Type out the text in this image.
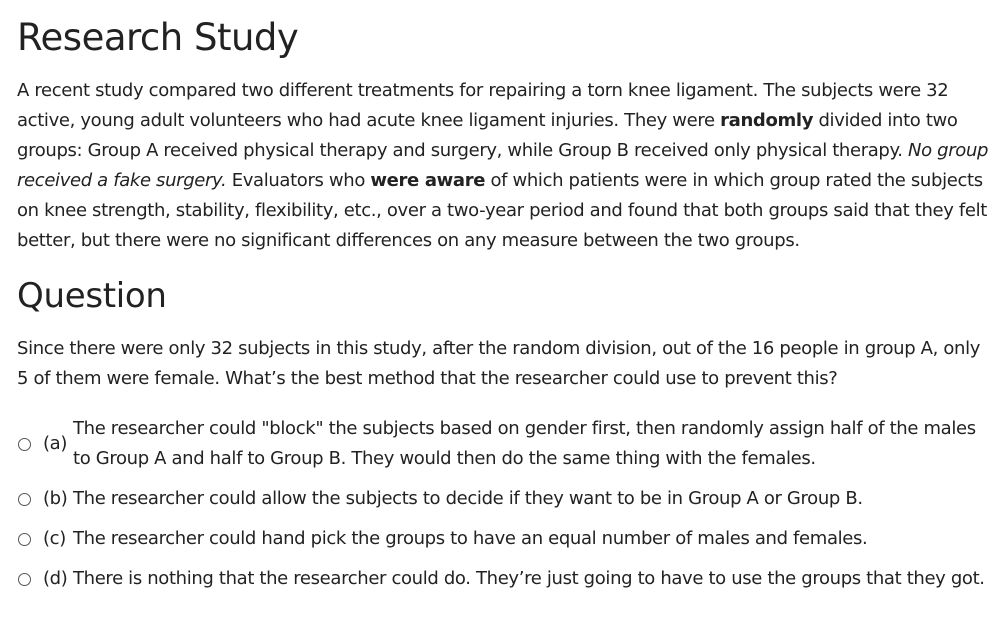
Research Study

A recent study compared two different treatments for repairing a torn knee ligament. The subjects were 32 active, young adult volunteers who had acute knee ligament injuries. They were randomly divided into two groups: Group A received physical therapy and surgery, while Group B received only physical therapy. No group received a fake surgery. Evaluators who were aware of which patients were in which group rated the subjects on knee strength, stability, flexibility, etc., over a two-year period and found that both groups said that they felt better, but there were no significant differences on any measure between the two groups.

Question

Since there were only 32 subjects in this study, after the random division, out of the 16 people in group A, only 5 of them were female. What’s the best method that the researcher could use to prevent this?

(a)
The researcher could "block" the subjects based on gender first, then randomly assign half of the males to Group A and half to Group B. They would then do the same thing with the females.
(b) The researcher could allow the subjects to decide if they want to be in Group A or Group B.
(c) The researcher could hand pick the groups to have an equal number of males and females.
(d) There is nothing that the researcher could do. They’re just going to have to use the groups that they got.
